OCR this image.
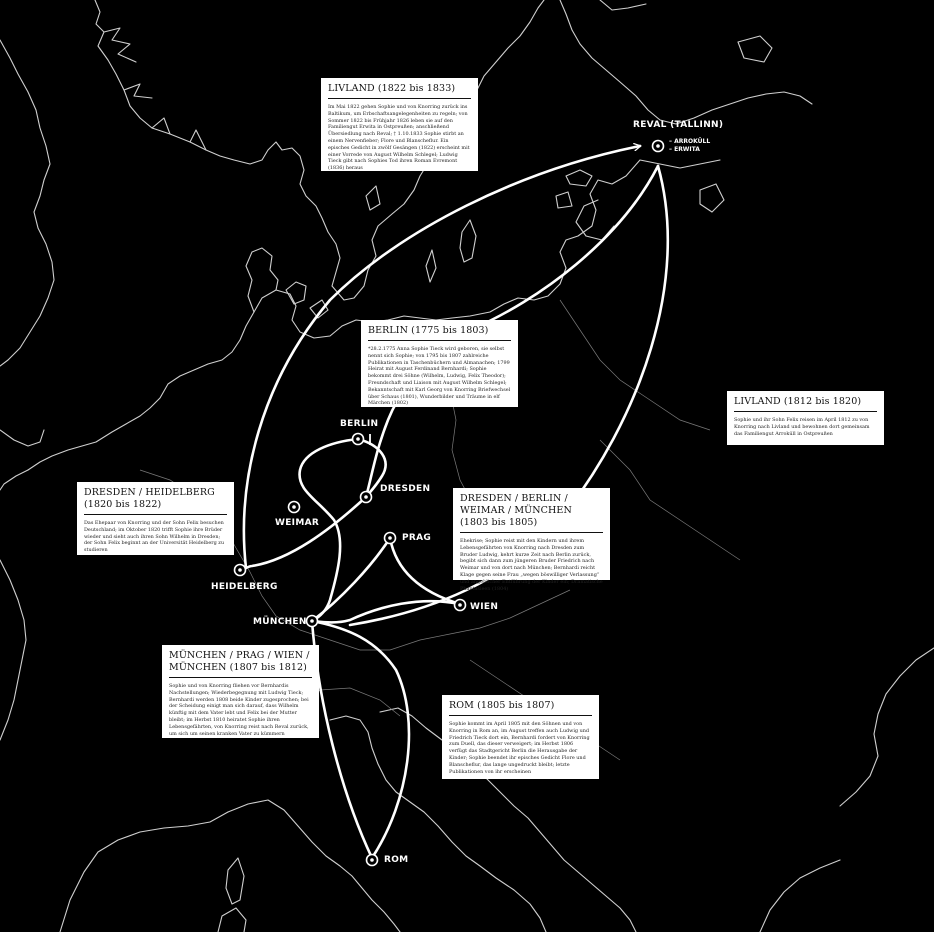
REVAL (TALLINN)
– ARROKÜLL
– ERWITA
BERLIN
DRESDEN
WEIMAR
HEIDELBERG
PRAG
MÜNCHEN
WIEN
ROM
LIVLAND (1822 bis 1833)

Im Mai 1822 gehen Sophie und von Knorring zurück ins Baltikum, um Erbschaftsangelegenheiten zu regeln; von Sommer 1822 bis Frühjahr 1826 leben sie auf den Familiengut Erwita in Ostpreußen; anschließend Übersiedlung nach Reval; † 1.10.1833 Sophie stirbt an einem Nervenfieber; Flore und Blanscheflur. Ein episches Gedicht in zwölf Gesängen (1822) erscheint mit einer Vorrede von August Wilhelm Schlegel; Ludwig Tieck gibt nach Sophies Tod ihren Roman Evremont (1836) heraus

BERLIN (1775 bis 1803)

*28.2.1775 Anna Sophie Tieck wird geboren, sie selbst nennt sich Sophie; von 1795 bis 1807 zahlreiche Publikationen in Taschenbüchern und Almanachen; 1799 Heirat mit August Ferdinand Bernhardi; Sophie bekommt drei Söhne (Wilhelm, Ludwig, Felix Theodor); Freundschaft und Liaison mit August Wilhelm Schlegel; Bekanntschaft mit Karl Georg von Knorring Briefwechsel über Schaus (1801), Wunderbilder und Träume in elf Märchen (1802)	LIVLAND (1812 bis 1820)

Sophie und ihr Sohn Felix reisen im April 1812 zu von Knorring nach Livland und bewohnen dort gemeinsam das Familiengut Arroküll in Ostpreußen

DRESDEN / HEIDELBERG (1820 bis 1822)

Das Ehepaar von Knorring und der Sohn Felix besuchen Deutschland; im Oktober 1820 trifft Sophie ihre Brüder wieder und sieht auch ihren Sohn Wilhelm in Dresden; der Sohn Felix beginnt an der Universität Heidelberg zu studieren

DRESDEN / BERLIN / WEIMAR / MÜNCHEN (1803 bis 1805)

Ehekrise; Sophie reist mit den Kindern und ihrem Lebensgefährten von Knorring nach Dresden zum Bruder Ludwig, kehrt kurze Zeit nach Berlin zurück, begibt sich dann zum jüngeren Bruder Friedrich nach Weimar und von dort nach München; Bernhardi reicht Klage gegen seine Frau „wegen böswilliger Verlassung“ und angeblicher Entführung der Kinder ein; Dramatische Phantasieen (1804)

MÜNCHEN / PRAG / WIEN / MÜNCHEN (1807 bis 1812)

Sophie und von Knorring fliehen vor Bernhardis Nachstellungen; Wiederbegegnung mit Ludwig Tieck; Bernhardi werden 1808 beide Kinder zugesprochen; bei der Scheidung einigt man sich darauf, dass Wilhelm künftig mit dem Vater lebt und Felix bei der Mutter bleibt; im Herbst 1810 heiratet Sophie ihren Lebensgefährten, von Knorring reist nach Reval zurück, um sich um seinen kranken Vater zu kümmern

ROM (1805 bis 1807)

Sophie kommt im April 1805 mit den Söhnen und von Knorring in Rom an, im August treffen auch Ludwig und Friedrich Tieck dort ein, Bernhardi fordert von Knorring zum Duell, das dieser verweigert; im Herbst 1806 verfügt das Stadtgericht Berlin die Herausgabe der Kinder; Sophie beendet ihr episches Gedicht Flore und Blanscheflur, das lange ungedruckt bleibt; letzte Publikationen von ihr erscheinen
